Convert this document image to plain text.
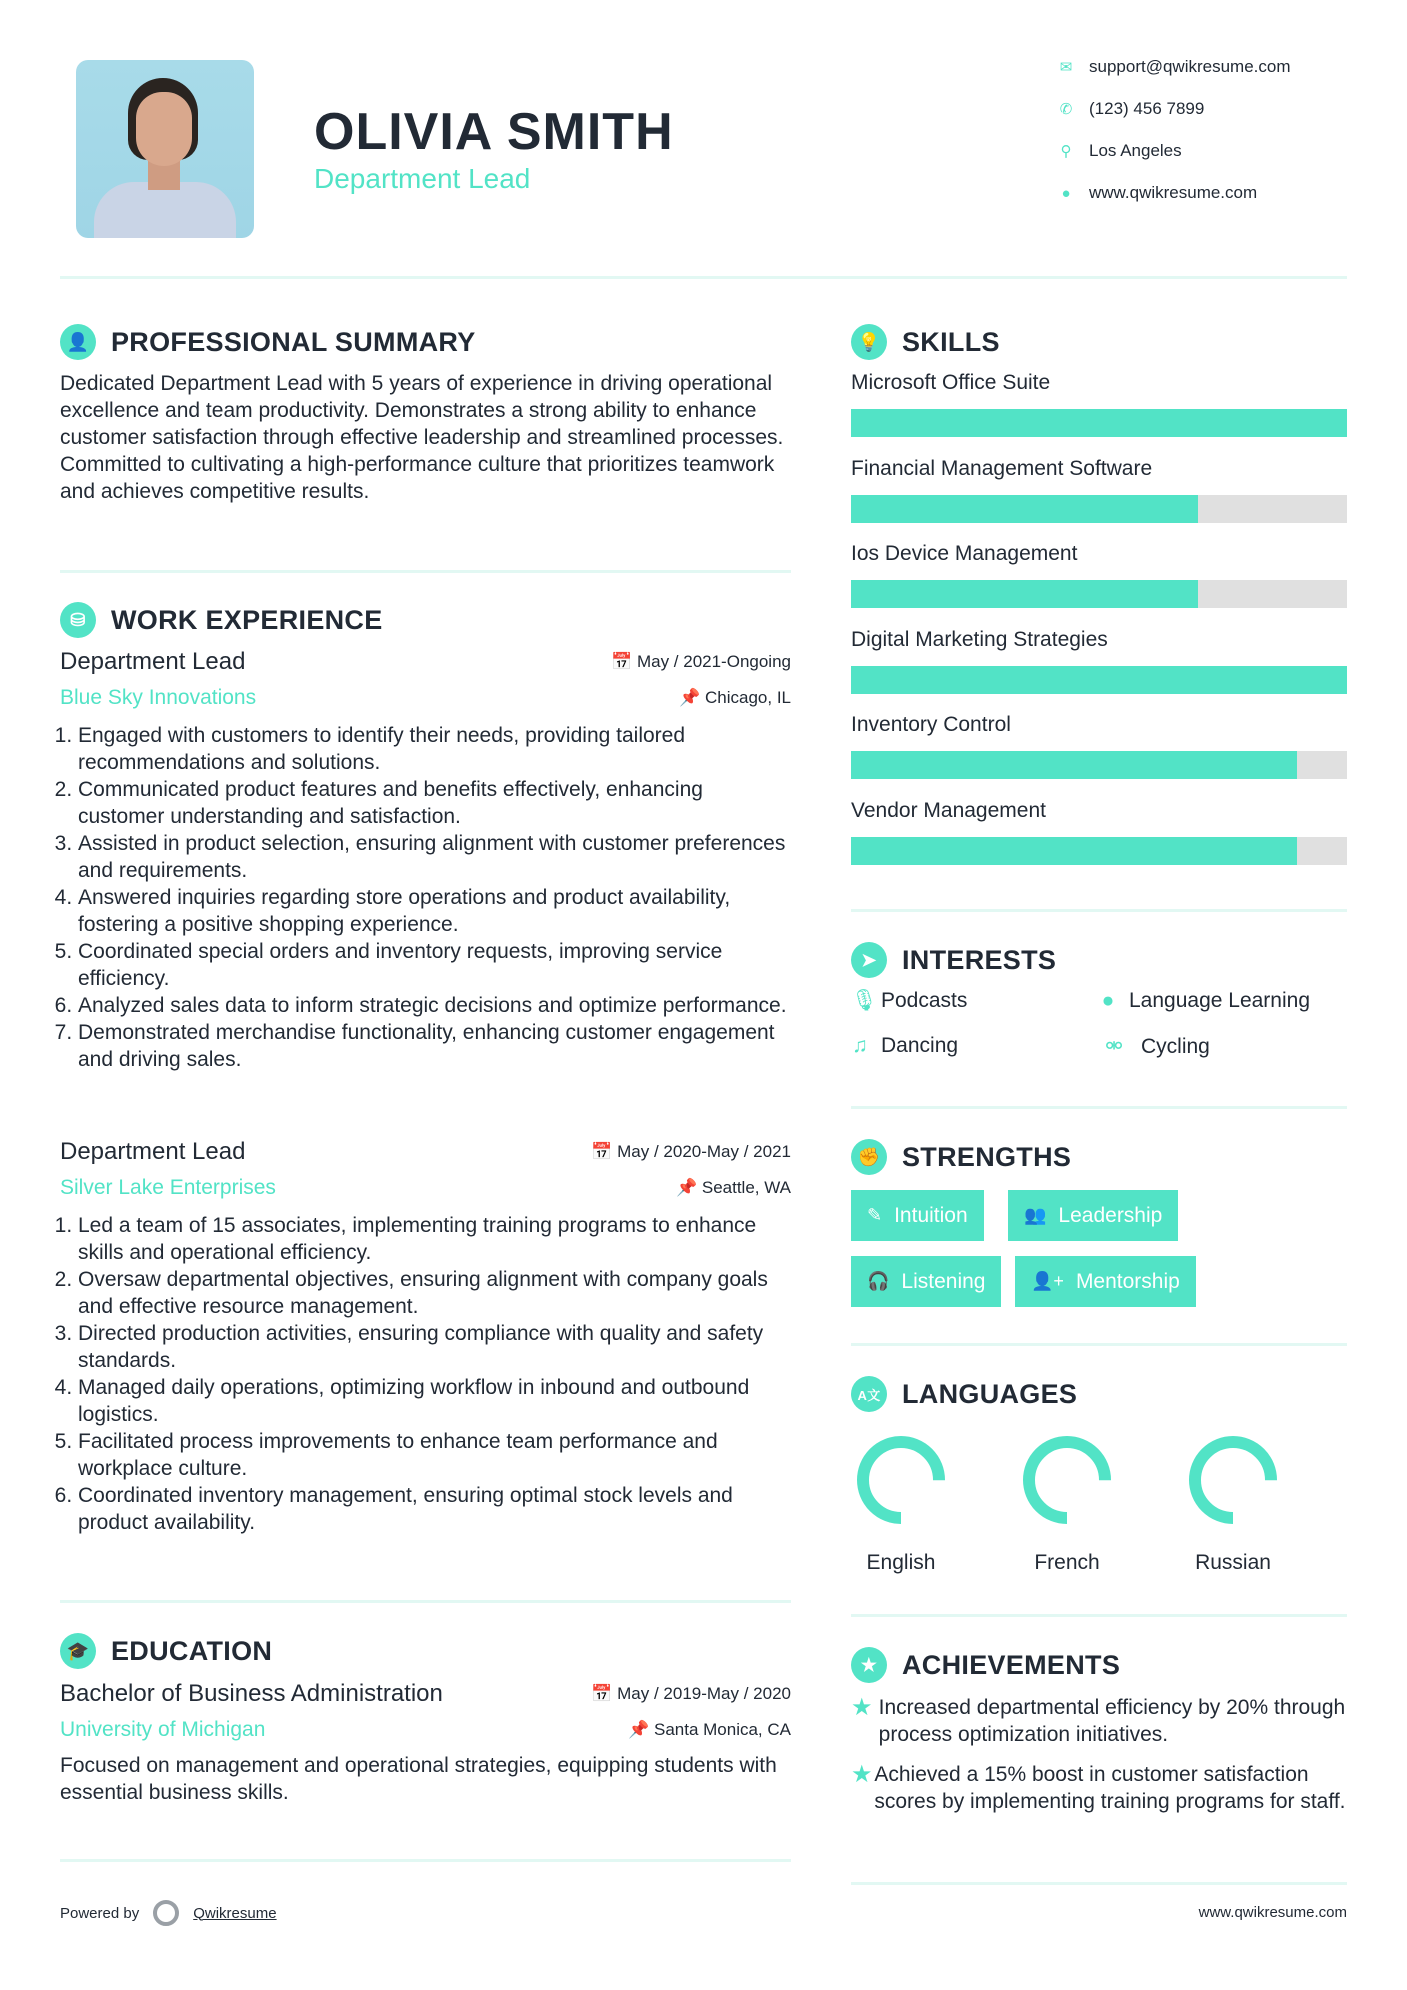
OLIVIA SMITH
Department Lead
✉ support@qwikresume.com
✆ (123) 456 7899
⚲ Los Angeles
●	www.qwikresume.com
👤 PROFESSIONAL SUMMARY
Dedicated Department Lead with 5 years of experience in driving operational excellence and team productivity. Demonstrates a strong ability to enhance customer satisfaction through effective leadership and streamlined processes. Committed to cultivating a high-performance culture that prioritizes teamwork and achieves competitive results.
⛁ WORK EXPERIENCE
Department Lead	📅 May / 2021-Ongoing
Blue Sky Innovations	📌 Chicago, IL
1. Engaged with customers to identify their needs, providing tailored recommendations and solutions.
2. Communicated product features and benefits effectively, enhancing customer understanding and satisfaction.
3. Assisted in product selection, ensuring alignment with customer preferences and requirements.
4. Answered inquiries regarding store operations and product availability, fostering a positive shopping experience.
5. Coordinated special orders and inventory requests, improving service efficiency.
6. Analyzed sales data to inform strategic decisions and optimize performance.
7. Demonstrated merchandise functionality, enhancing customer engagement and driving sales.
Department Lead	📅 May / 2020-May / 2021
Silver Lake Enterprises	📌 Seattle, WA
1. Led a team of 15 associates, implementing training programs to enhance skills and operational efficiency.
2. Oversaw departmental objectives, ensuring alignment with company goals and effective resource management.
3. Directed production activities, ensuring compliance with quality and safety standards.
4. Managed daily operations, optimizing workflow in inbound and outbound logistics.
5. Facilitated process improvements to enhance team performance and workplace culture.
6. Coordinated inventory management, ensuring optimal stock levels and product availability.
🎓 EDUCATION
Bachelor of Business Administration	📅 May / 2019-May / 2020
University of Michigan	📌 Santa Monica, CA
Focused on management and operational strategies, equipping students with essential business skills.
Powered by	Qwikresume
💡 SKILLS
Microsoft Office Suite
Financial Management Software
Ios Device Management
Digital Marketing Strategies
Inventory Control
Vendor Management
➤ INTERESTS
🎙 Podcasts	● Language Learning
♫ Dancing	⚮ Cycling
✊ STRENGTHS
✎ Intuition	👥 Leadership
🎧 Listening	👤+ Mentorship
A文 LANGUAGES
English	French	Russian
★ ACHIEVEMENTS
★ Increased departmental efficiency by 20% through process optimization initiatives.
★ Achieved a 15% boost in customer satisfaction scores by implementing training programs for staff.
www.qwikresume.com
